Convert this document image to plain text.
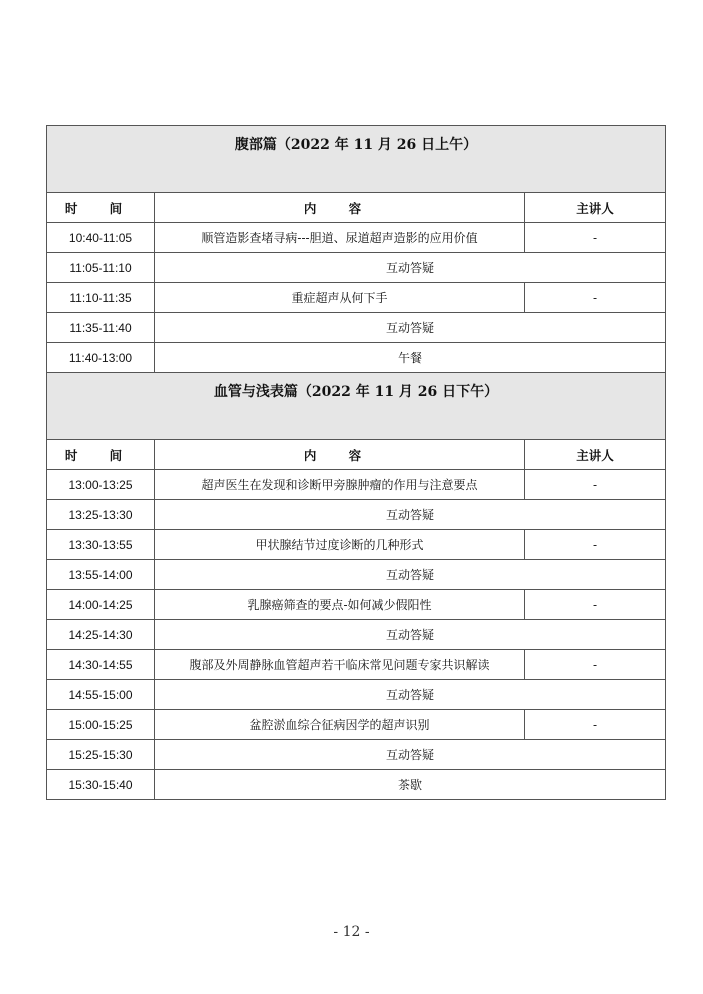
腹部篇（2022 年 11 月 26 日上午）		
时 间	内 容	主讲人
10:40-11:05	顺管造影查堵寻病---胆道、尿道超声造影的应用价值	-
11:05-11:10	互动答疑	
11:10-11:35	重症超声从何下手	-
11:35-11:40	互动答疑	
11:40-13:00	午餐	
血管与浅表篇（2022 年 11 月 26 日下午）		
时 间	内 容	主讲人
13:00-13:25	超声医生在发现和诊断甲旁腺肿瘤的作用与注意要点	-
13:25-13:30	互动答疑	
13:30-13:55	甲状腺结节过度诊断的几种形式	-
13:55-14:00	互动答疑	
14:00-14:25	乳腺癌筛查的要点-如何减少假阳性	-
14:25-14:30	互动答疑	
14:30-14:55	腹部及外周静脉血管超声若干临床常见问题专家共识解读	-
14:55-15:00	互动答疑	
15:00-15:25	盆腔淤血综合征病因学的超声识别	-
15:25-15:30	互动答疑	
15:30-15:40	茶歇	
- 12 -
